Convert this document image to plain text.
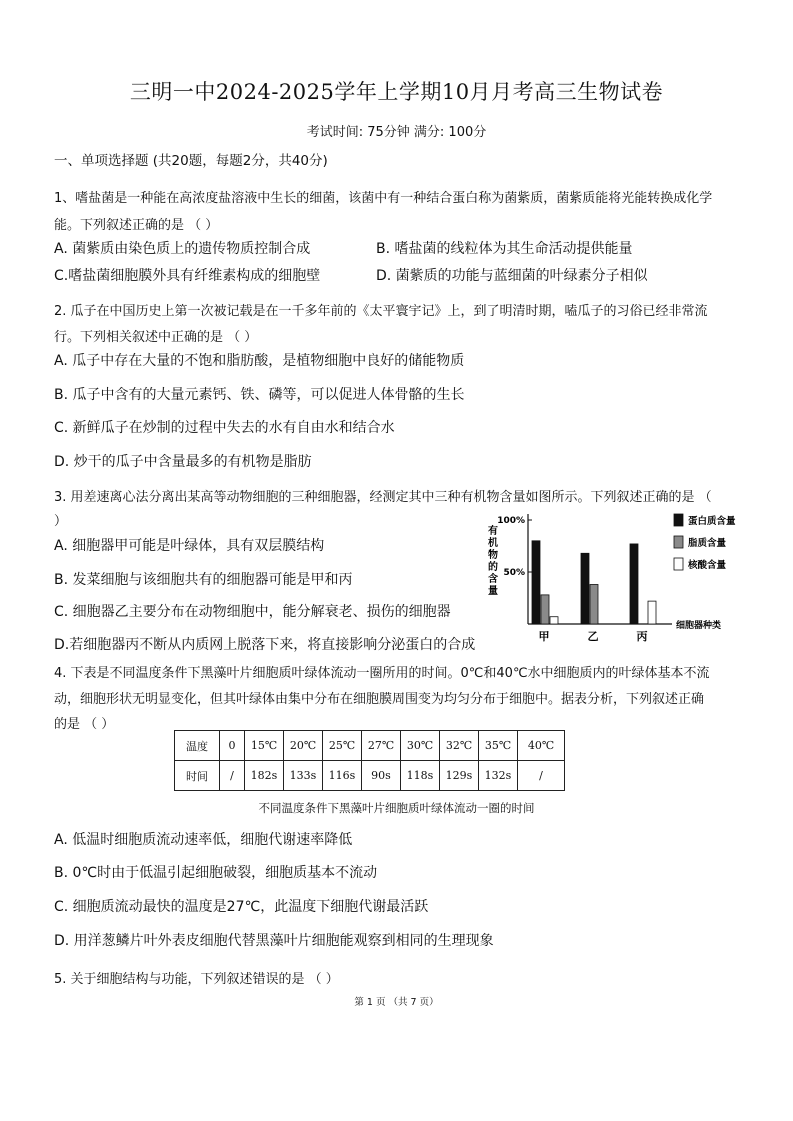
三明一中2024-2025学年上学期10月月考高三生物试卷
考试时间: 75分钟 满分: 100分
一、单项选择题 (共20题，每题2分，共40分)
1、嗜盐菌是一种能在高浓度盐溶液中生长的细菌，该菌中有一种结合蛋白称为菌紫质，菌紫质能将光能转换成化学
能。下列叙述正确的是 （ ）
A. 菌紫质由染色质上的遗传物质控制合成	B. 嗜盐菌的线粒体为其生命活动提供能量
C.嗜盐菌细胞膜外具有纤维素构成的细胞壁	D. 菌紫质的功能与蓝细菌的叶绿素分子相似
2. 瓜子在中国历史上第一次被记载是在一千多年前的《太平寰宇记》上，到了明清时期，嗑瓜子的习俗已经非常流
行。下列相关叙述中正确的是 （ ）
A. 瓜子中存在大量的不饱和脂肪酸，是植物细胞中良好的储能物质
B. 瓜子中含有的大量元素钙、铁、磷等，可以促进人体骨骼的生长
C. 新鲜瓜子在炒制的过程中失去的水有自由水和结合水
D. 炒干的瓜子中含量最多的有机物是脂肪
3. 用差速离心法分离出某高等动物细胞的三种细胞器，经测定其中三种有机物含量如图所示。下列叙述正确的是 （
）
A. 细胞器甲可能是叶绿体，具有双层膜结构
B. 发菜细胞与该细胞共有的细胞器可能是甲和丙
C. 细胞器乙主要分布在动物细胞中，能分解衰老、损伤的细胞器
D.若细胞器丙不断从内质网上脱落下来，将直接影响分泌蛋白的合成
100%
50%
有
机
物
的
含
量
甲	乙	丙
细胞器种类
蛋白质含量
脂质含量
核酸含量
4. 下表是不同温度条件下黑藻叶片细胞质叶绿体流动一圈所用的时间。0℃和40℃水中细胞质内的叶绿体基本不流
动，细胞形状无明显变化，但其叶绿体由集中分布在细胞膜周围变为均匀分布于细胞中。据表分析，下列叙述正确
的是 （ ）
温度	0	15℃	20℃	25℃	27℃	30℃	32℃	35℃	40℃
时间	/	182s	133s	116s	90s	118s	129s	132s	/
不同温度条件下黑藻叶片细胞质叶绿体流动一圈的时间
A. 低温时细胞质流动速率低，细胞代谢速率降低
B. 0℃时由于低温引起细胞破裂，细胞质基本不流动
C. 细胞质流动最快的温度是27℃，此温度下细胞代谢最活跃
D. 用洋葱鳞片叶外表皮细胞代替黑藻叶片细胞能观察到相同的生理现象
5. 关于细胞结构与功能，下列叙述错误的是 （ ）
第 1 页 （共 7 页）
